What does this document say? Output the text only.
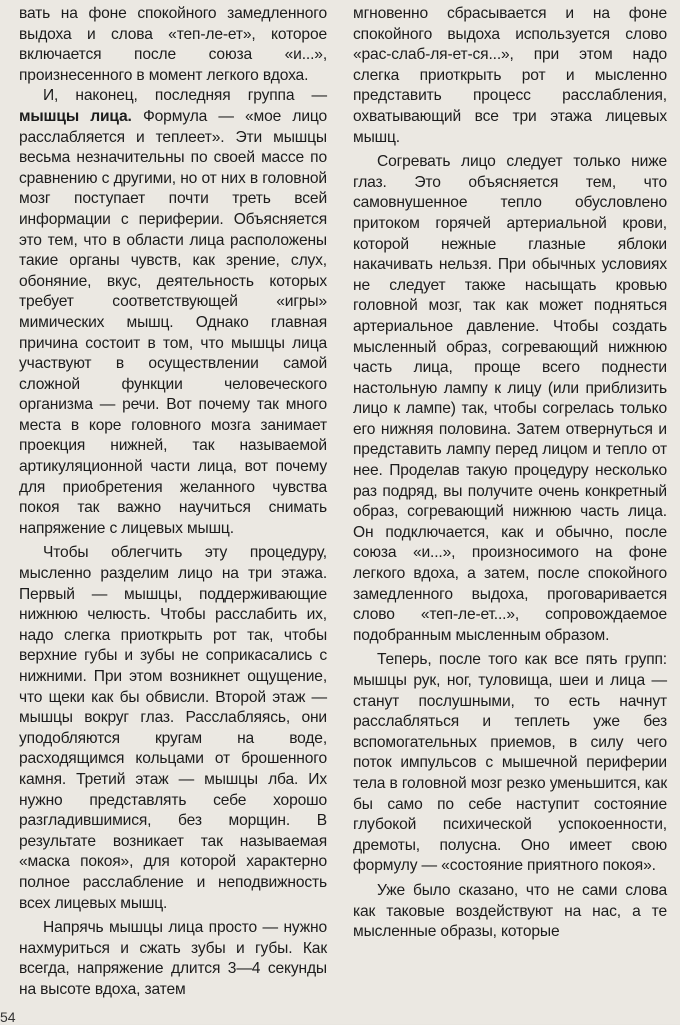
вать на фоне спокойного замедленного выдоха и слова «теп-ле-ет», которое включается после союза «и...», произнесенного в момент легкого вдоха.

И, наконец, последняя группа — мышцы лица. Формула — «мое лицо расслабляется и теплеет». Эти мышцы весьма незначительны по своей массе по сравнению с другими, но от них в головной мозг поступает почти треть всей информации с периферии. Объясняется это тем, что в области лица расположены такие органы чувств, как зрение, слух, обоняние, вкус, деятельность которых требует соответствующей «игры» мимических мышц. Однако главная причина состоит в том, что мышцы лица участвуют в осуществлении самой сложной функции человеческого организма — речи. Вот почему так много места в коре головного мозга занимает проекция нижней, так называемой артикуляционной части лица, вот почему для приобретения желанного чувства покоя так важно научиться снимать напряжение с лицевых мышц.

Чтобы облегчить эту процедуру, мысленно разделим лицо на три этажа. Первый — мышцы, поддерживающие нижнюю челюсть. Чтобы расслабить их, надо слегка приоткрыть рот так, чтобы верхние губы и зубы не соприкасались с нижними. При этом возникнет ощущение, что щеки как бы обвисли. Второй этаж — мышцы вокруг глаз. Расслабляясь, они уподобляются кругам на воде, расходящимся кольцами от брошенного камня. Третий этаж — мышцы лба. Их нужно представлять себе хорошо разгладившимися, без морщин. В результате возникает так называемая «маска покоя», для которой характерно полное расслабление и неподвижность всех лицевых мышц.

Напрячь мышцы лица просто — нужно нахмуриться и сжать зубы и губы. Как всегда, напряжение длится 3—4 секунды на высоте вдоха, затем

мгновенно сбрасывается и на фоне спокойного выдоха используется слово «рас-слаб-ля-ет-ся...», при этом надо слегка приоткрыть рот и мысленно представить процесс расслабления, охватывающий все три этажа лицевых мышц.

Согревать лицо следует только ниже глаз. Это объясняется тем, что самовнушенное тепло обусловлено притоком горячей артериальной крови, которой нежные глазные яблоки накачивать нельзя. При обычных условиях не следует также насыщать кровью головной мозг, так как может подняться артериальное давление. Чтобы создать мысленный образ, согревающий нижнюю часть лица, проще всего поднести настольную лампу к лицу (или приблизить лицо к лампе) так, чтобы согрелась только его нижняя половина. Затем отвернуться и представить лампу перед лицом и тепло от нее. Проделав такую процедуру несколько раз подряд, вы получите очень конкретный образ, согревающий нижнюю часть лица. Он подключается, как и обычно, после союза «и...», произносимого на фоне легкого вдоха, а затем, после спокойного замедленного выдоха, проговаривается слово «теп-ле-ет...», сопровождаемое подобранным мысленным образом.

Теперь, после того как все пять групп: мышцы рук, ног, туловища, шеи и лица — станут послушными, то есть начнут расслабляться и теплеть уже без вспомогательных приемов, в силу чего поток импульсов с мышечной периферии тела в головной мозг резко уменьшится, как бы само по себе наступит состояние глубокой психической успокоенности, дремоты, полусна. Оно имеет свою формулу — «состояние приятного покоя».

Уже было сказано, что не сами слова как таковые воздействуют на нас, а те мысленные образы, которые

54
